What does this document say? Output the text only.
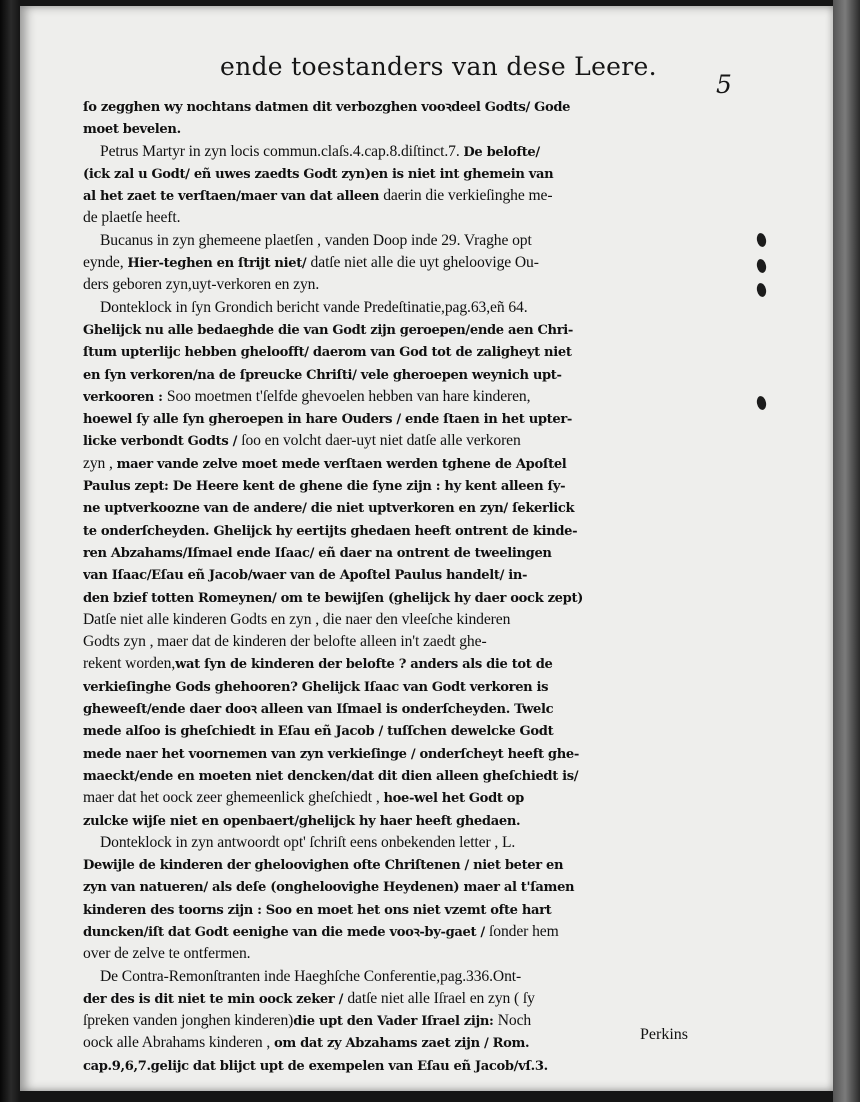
ende toestanders van dese Leere.
5
ſo zegghen wy nochtans datmen dit verbozghen vooꝛdeel Godts/ Gode
moet bevelen.
Petrus Martyr in zyn locis commun.claſs.4.cap.8.diſtinct.7. De belofte/
(ick zal u Godt/ eñ uwes zaedts Godt zyn)en is niet int ghemein van
al het zaet te verſtaen/maer van dat alleen daerin die verkieſinghe me-
de plaetſe heeft.
Bucanus in zyn ghemeene plaetſen , vanden Doop inde 29. Vraghe opt
eynde, Hier-teghen en ſtrijt niet/ datſe niet alle die uyt gheloovige Ou-
ders geboren zyn,uyt-verkoren en zyn.
Donteklock in ſyn Grondich bericht vande Predeſtinatie,pag.63,eñ 64.
Ghelijck nu alle bedaeghde die van Godt zijn geroepen/ende aen Chri-
ſtum upterlijc hebben gheloofft/ daerom van God tot de zaligheyt niet
en ſyn verkoren/na de ſpreucke Chriſti/ vele gheroepen weynich upt-
verkooren : Soo moetmen t'ſelfde ghevoelen hebben van hare kinderen,
hoewel ſy alle ſyn gheroepen in hare Ouders / ende ſtaen in het upter-
licke verbondt Godts / ſoo en volcht daer-uyt niet datſe alle verkoren
zyn , maer vande zelve moet mede verſtaen werden tghene de Apoſtel
Paulus zept: De Heere kent de ghene die ſyne zijn : hy kent alleen ſy-
ne uptverkoozne van de andere/ die niet uptverkoren en zyn/ ſekerlick
te onderſcheyden. Ghelijck hy eertijts ghedaen heeft ontrent de kinde-
ren Abzahams/Iſmael ende Iſaac/ eñ daer na ontrent de tweelingen
van Iſaac/Eſau eñ Jacob/waer van de Apoſtel Paulus handelt/ in-
den bzief totten Romeynen/ om te bewijſen (ghelijck hy daer oock zept)
Datſe niet alle kinderen Godts en zyn , die naer den vleeſche kinderen
Godts zyn , maer dat de kinderen der belofte alleen in't zaedt ghe-
rekent worden,wat ſyn de kinderen der belofte ? anders als die tot de
verkieſinghe Gods ghehooren? Ghelijck Iſaac van Godt verkoren is
gheweeſt/ende daer dooꝛ alleen van Iſmael is onderſcheyden. Twelc
mede alſoo is gheſchiedt in Eſau eñ Jacob / tuſſchen dewelcke Godt
mede naer het voornemen van zyn verkieſinge / onderſcheyt heeft ghe-
maeckt/ende en moeten niet dencken/dat dit dien alleen gheſchiedt is/
maer dat het oock zeer ghemeenlick gheſchiedt , hoe-wel het Godt op
zulcke wijſe niet en openbaert/ghelijck hy haer heeft ghedaen.
Donteklock in zyn antwoordt opt' ſchriſt eens onbekenden letter , L.
Dewijle de kinderen der gheloovighen ofte Chriſtenen / niet beter en
zyn van natueren/ als deſe (ongheloovighe Heydenen) maer al t'ſamen
kinderen des toorns zijn : Soo en moet het ons niet vzemt ofte hart
duncken/iſt dat Godt eenighe van die mede vooꝛ-by-gaet / ſonder hem
over de zelve te ontfermen.
De Contra-Remonſtranten inde Haeghſche Conferentie,pag.336.Ont-
der des is dit niet te min oock zeker / datſe niet alle Iſrael en zyn ( ſy
ſpreken vanden jonghen kinderen)die upt den Vader Iſrael zijn: Noch
oock alle Abrahams kinderen , om dat zy Abzahams zaet zijn / Rom.
cap.9,6,7.gelijc dat blijct upt de exempelen van Eſau eñ Jacob/vſ.3.
Perkins
